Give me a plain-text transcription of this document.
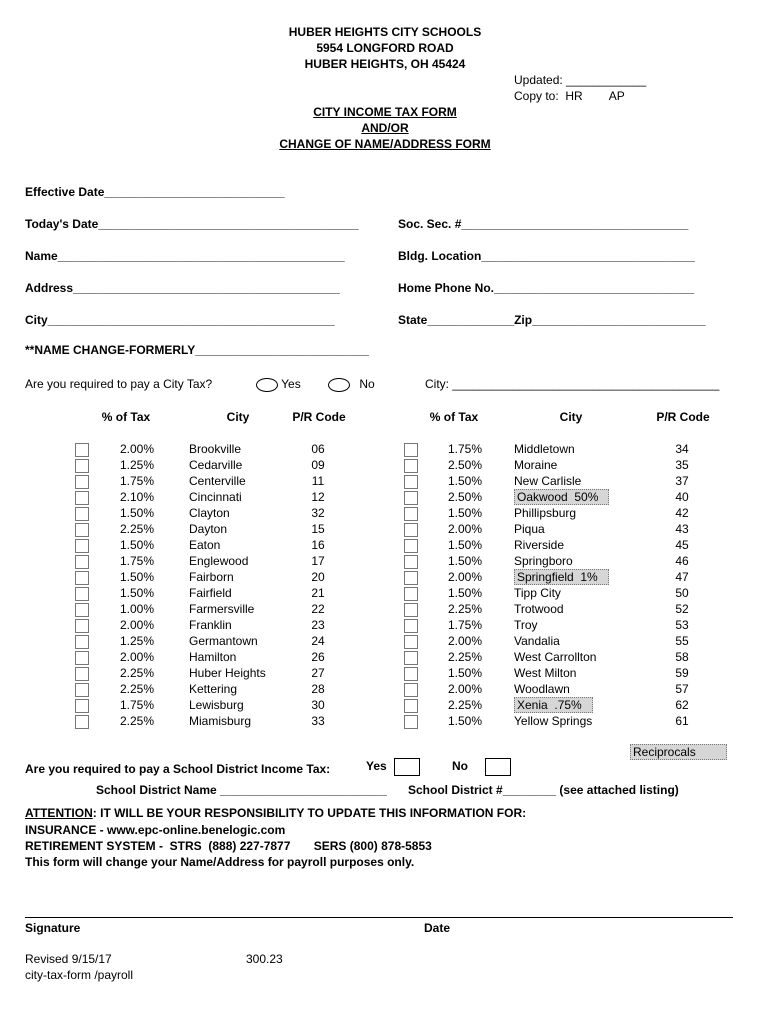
HUBER HEIGHTS CITY SCHOOLS
5954 LONGFORD ROAD
HUBER HEIGHTS, OH 45424
Updated: ____________
Copy to:  HR        AP
CITY INCOME TAX FORM
AND/OR
CHANGE OF NAME/ADDRESS FORM
Effective Date___________________________
Today's Date_______________________________________	Soc. Sec. #__________________________________
Name___________________________________________	Bldg. Location________________________________
Address________________________________________	Home Phone No.______________________________
City___________________________________________	State_____________Zip__________________________
**NAME CHANGE-FORMERLY__________________________
Are you required to pay a City Tax?	Yes	No	City: ________________________________________
% of Tax	City	P/R Code	% of Tax	City	P/R Code
2.00%	Brookville	06
1.25%	Cedarville	09
1.75%	Centerville	11
2.10%	Cincinnati	12
1.50%	Clayton	32
2.25%	Dayton	15
1.50%	Eaton	16
1.75%	Englewood	17
1.50%	Fairborn	20
1.50%	Fairfield	21
1.00%	Farmersville	22
2.00%	Franklin	23
1.25%	Germantown	24
2.00%	Hamilton	26
2.25%	Huber Heights	27
2.25%	Kettering	28
1.75%	Lewisburg	30
2.25%	Miamisburg	33
1.75%	Middletown	34
2.50%	Moraine	35
1.50%	New Carlisle	37
2.50%	Oakwood  50%	40
1.50%	Phillipsburg	42
2.00%	Piqua	43
1.50%	Riverside	45
1.50%	Springboro	46
2.00%	Springfield  1%	47
1.50%	Tipp City	50
2.25%	Trotwood	52
1.75%	Troy	53
2.00%	Vandalia	55
2.25%	West Carrollton	58
1.50%	West Milton	59
2.00%	Woodlawn	57
2.25%	Xenia  .75%	62
1.50%	Yellow Springs	61
Reciprocals
Are you required to pay a School District Income Tax:	Yes	No
School District Name _________________________ School District #________ (see attached listing)
ATTENTION: IT WILL BE YOUR RESPONSIBILITY TO UPDATE THIS INFORMATION FOR:
INSURANCE - www.epc-online.benelogic.com
RETIREMENT SYSTEM -  STRS  (888) 227-7877       SERS (800) 878-5853
This form will change your Name/Address for payroll purposes only.
Signature	Date
Revised 9/15/17	300.23
city-tax-form /payroll
